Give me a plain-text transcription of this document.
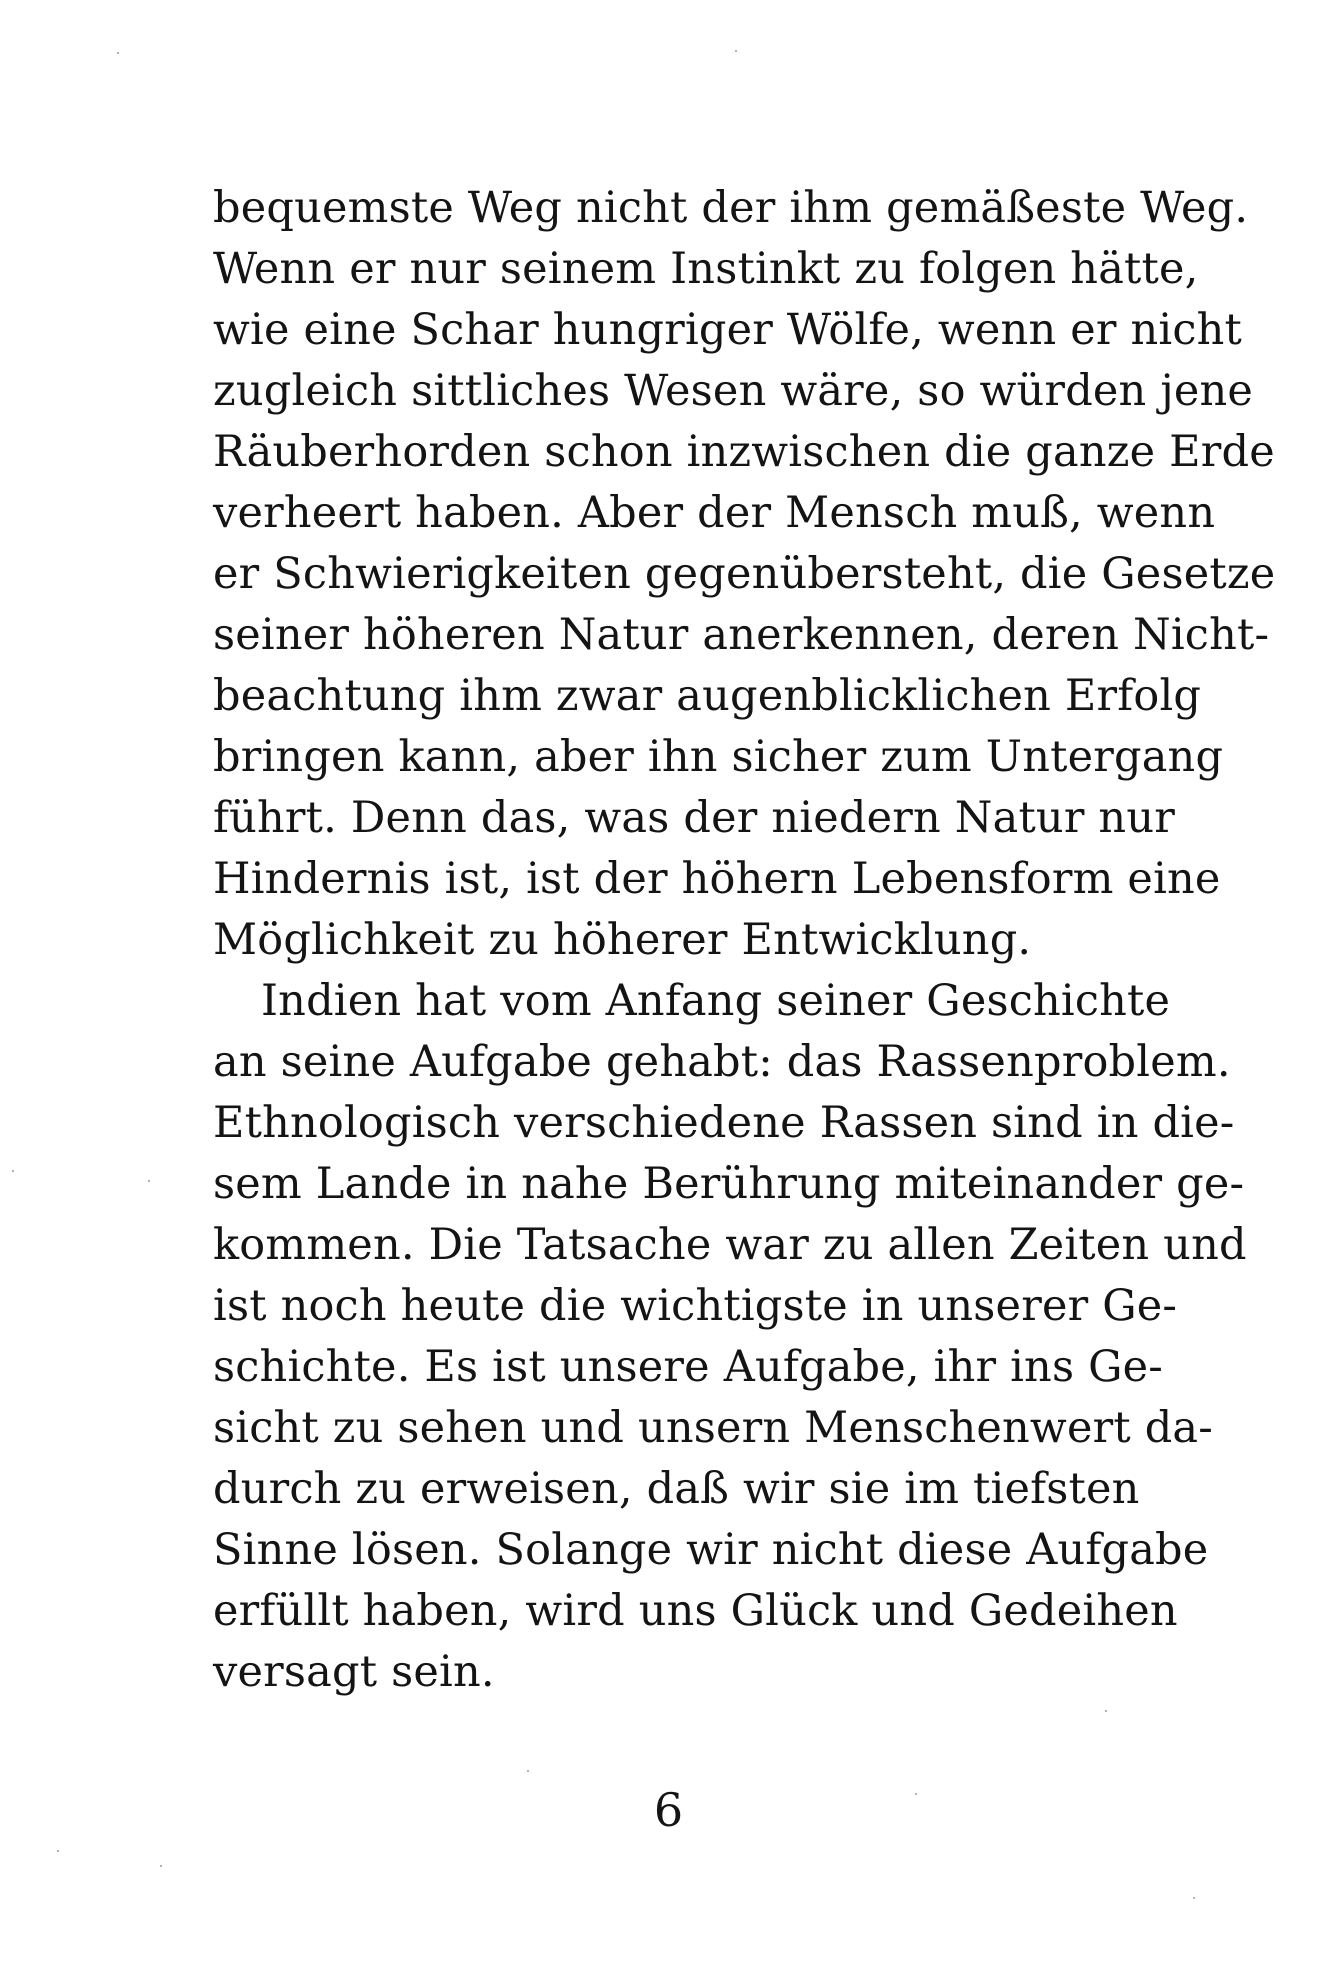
bequemste Weg nicht der ihm gemäßeste Weg.
Wenn er nur seinem Instinkt zu folgen hätte,
wie eine Schar hungriger Wölfe, wenn er nicht
zugleich sittliches Wesen wäre, so würden jene
Räuberhorden schon inzwischen die ganze Erde
verheert haben. Aber der Mensch muß, wenn
er Schwierigkeiten gegenübersteht, die Gesetze
seiner höheren Natur anerkennen, deren Nicht-
beachtung ihm zwar augenblicklichen Erfolg
bringen kann, aber ihn sicher zum Untergang
führt. Denn das, was der niedern Natur nur
Hindernis ist, ist der höhern Lebensform eine
Möglichkeit zu höherer Entwicklung.
Indien hat vom Anfang seiner Geschichte
an seine Aufgabe gehabt: das Rassenproblem.
Ethnologisch verschiedene Rassen sind in die-
sem Lande in nahe Berührung miteinander ge-
kommen. Die Tatsache war zu allen Zeiten und
ist noch heute die wichtigste in unserer Ge-
schichte. Es ist unsere Aufgabe, ihr ins Ge-
sicht zu sehen und unsern Menschenwert da-
durch zu erweisen, daß wir sie im tiefsten
Sinne lösen. Solange wir nicht diese Aufgabe
erfüllt haben, wird uns Glück und Gedeihen
versagt sein.
6
